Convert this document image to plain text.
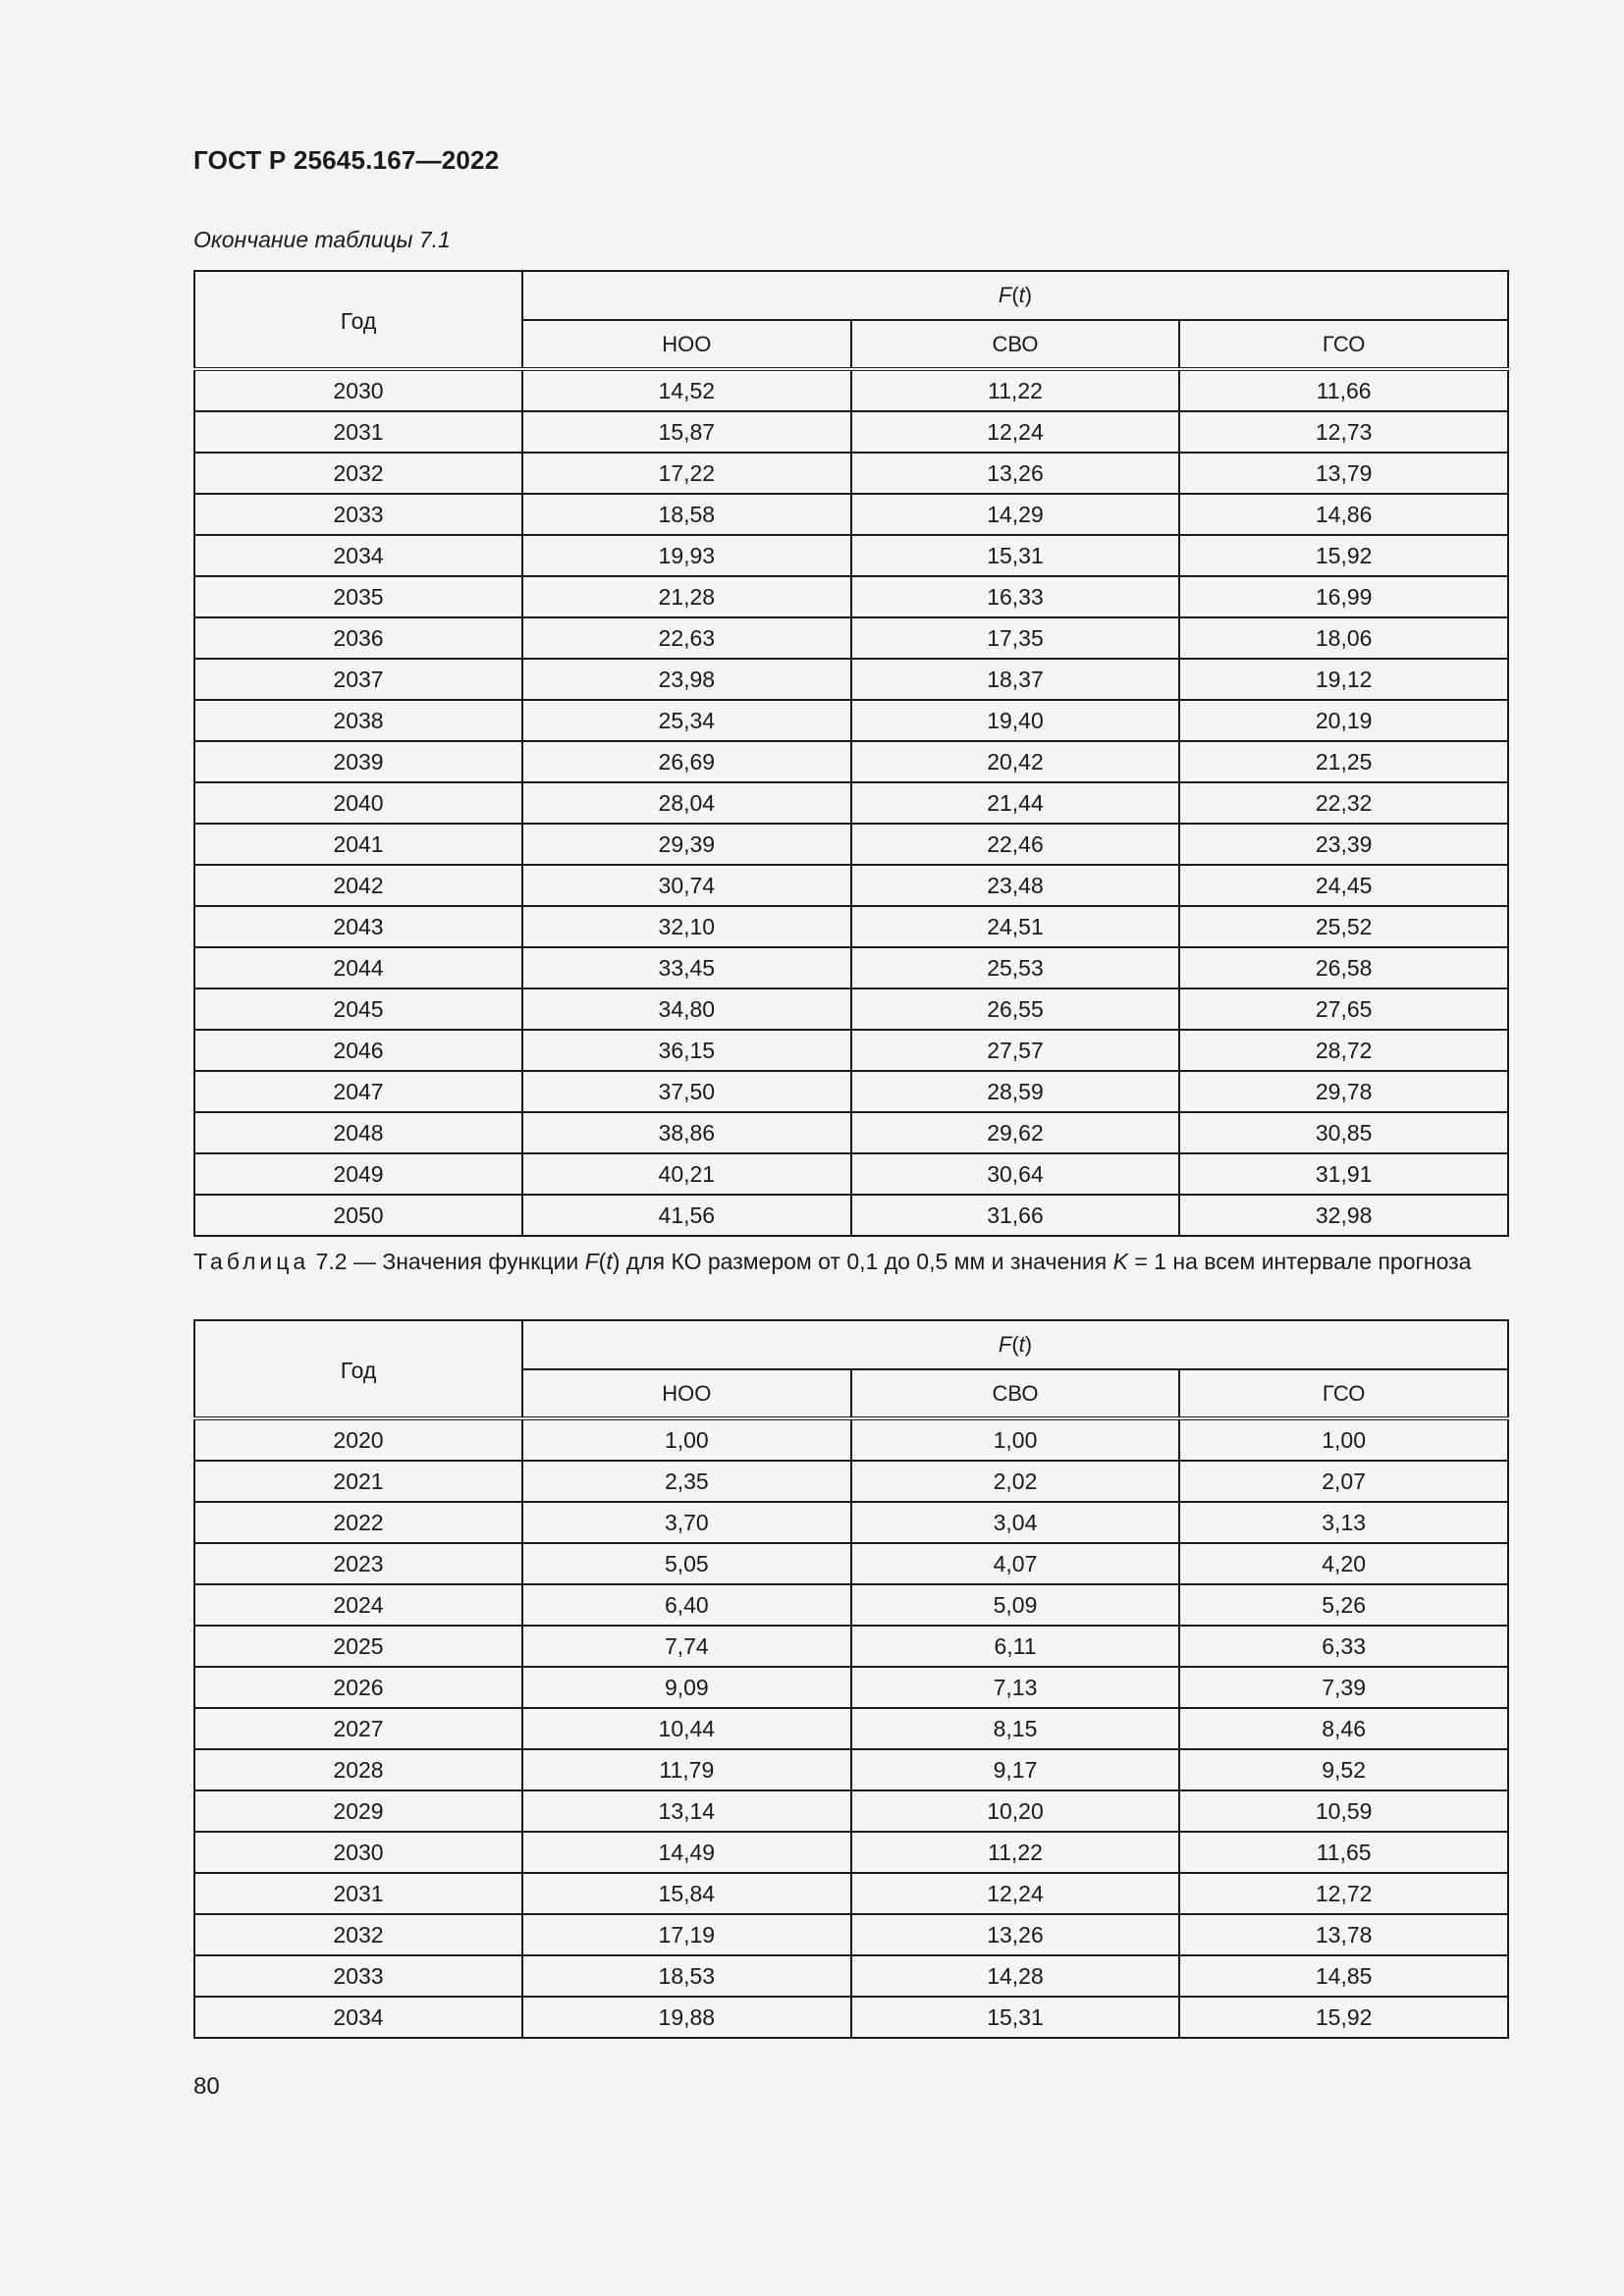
ГОСТ Р 25645.167—2022
Окончание таблицы 7.1
Год	F(t)		
	НОО	СВО	ГСО
2030	14,52	11,22	11,66
2031	15,87	12,24	12,73
2032	17,22	13,26	13,79
2033	18,58	14,29	14,86
2034	19,93	15,31	15,92
2035	21,28	16,33	16,99
2036	22,63	17,35	18,06
2037	23,98	18,37	19,12
2038	25,34	19,40	20,19
2039	26,69	20,42	21,25
2040	28,04	21,44	22,32
2041	29,39	22,46	23,39
2042	30,74	23,48	24,45
2043	32,10	24,51	25,52
2044	33,45	25,53	26,58
2045	34,80	26,55	27,65
2046	36,15	27,57	28,72
2047	37,50	28,59	29,78
2048	38,86	29,62	30,85
2049	40,21	30,64	31,91
2050	41,56	31,66	32,98
Таблица 7.2 — Значения функции F(t) для КО размером от 0,1 до 0,5 мм и значения K = 1 на всем интервале прогноза
Год	F(t)		
	НОО	СВО	ГСО
2020	1,00	1,00	1,00
2021	2,35	2,02	2,07
2022	3,70	3,04	3,13
2023	5,05	4,07	4,20
2024	6,40	5,09	5,26
2025	7,74	6,11	6,33
2026	9,09	7,13	7,39
2027	10,44	8,15	8,46
2028	11,79	9,17	9,52
2029	13,14	10,20	10,59
2030	14,49	11,22	11,65
2031	15,84	12,24	12,72
2032	17,19	13,26	13,78
2033	18,53	14,28	14,85
2034	19,88	15,31	15,92
80
